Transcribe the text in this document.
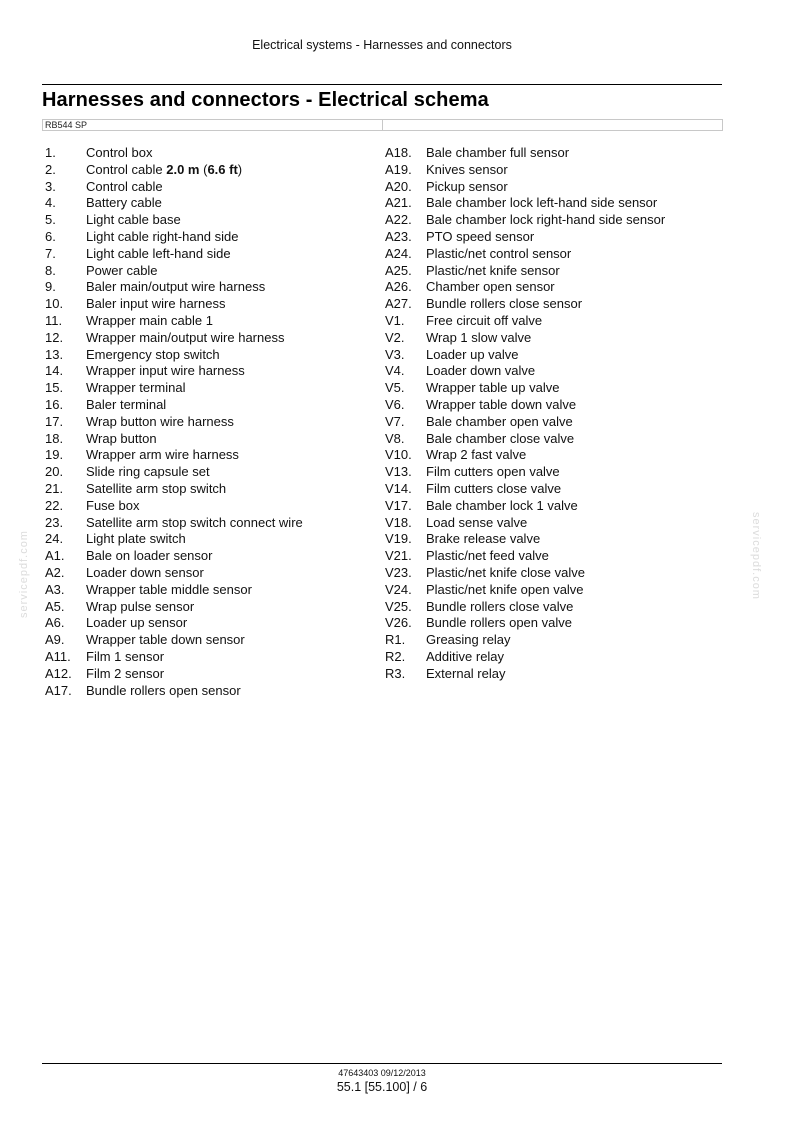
Electrical systems - Harnesses and connectors
Harnesses and connectors - Electrical schema
RB544 SP
1.	Control box
2.	Control cable 2.0 m (6.6 ft)
3.	Control cable
4.	Battery cable
5.	Light cable base
6.	Light cable right-hand side
7.	Light cable left-hand side
8.	Power cable
9.	Baler main/output wire harness
10.	Baler input wire harness
11.	Wrapper main cable 1
12.	Wrapper main/output wire harness
13.	Emergency stop switch
14.	Wrapper input wire harness
15.	Wrapper terminal
16.	Baler terminal
17.	Wrap button wire harness
18.	Wrap button
19.	Wrapper arm wire harness
20.	Slide ring capsule set
21.	Satellite arm stop switch
22.	Fuse box
23.	Satellite arm stop switch connect wire
24.	Light plate switch
A1.	Bale on loader sensor
A2.	Loader down sensor
A3.	Wrapper table middle sensor
A5.	Wrap pulse sensor
A6.	Loader up sensor
A9.	Wrapper table down sensor
A11.	Film 1 sensor
A12.	Film 2 sensor
A17.	Bundle rollers open sensor
A18.	Bale chamber full sensor
A19.	Knives sensor
A20.	Pickup sensor
A21.	Bale chamber lock left-hand side sensor
A22.	Bale chamber lock right-hand side sensor
A23.	PTO speed sensor
A24.	Plastic/net control sensor
A25.	Plastic/net knife sensor
A26.	Chamber open sensor
A27.	Bundle rollers close sensor
V1.	Free circuit off valve
V2.	Wrap 1 slow valve
V3.	Loader up valve
V4.	Loader down valve
V5.	Wrapper table up valve
V6.	Wrapper table down valve
V7.	Bale chamber open valve
V8.	Bale chamber close valve
V10.	Wrap 2 fast valve
V13.	Film cutters open valve
V14.	Film cutters close valve
V17.	Bale chamber lock 1 valve
V18.	Load sense valve
V19.	Brake release valve
V21.	Plastic/net feed valve
V23.	Plastic/net knife close valve
V24.	Plastic/net knife open valve
V25.	Bundle rollers close valve
V26.	Bundle rollers open valve
R1.	Greasing relay
R2.	Additive relay
R3.	External relay
servicepdf.com	servicepdf.com
47643403 09/12/2013
55.1 [55.100] / 6
